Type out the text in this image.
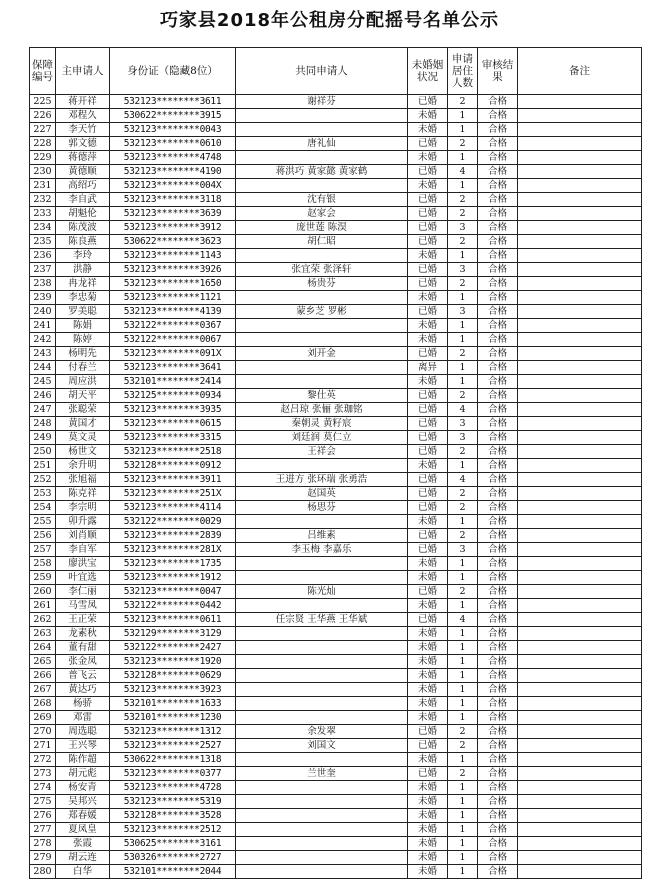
巧家县2018年公租房分配摇号名单公示
保障编号	主申请人	身份证（隐藏8位）	共同申请人	未婚姻状况	申请居住人数	审核结果	备注
225	蒋开祥	532123********3611	谢祥芬	已婚	2	合格	
226	邓程久	530622********3915		未婚	1	合格	
227	李天竹	532123********0043		未婚	1	合格	
228	郭文德	532123********0610	唐礼仙	已婚	2	合格	
229	蒋德萍	532123********4748		未婚	1	合格	
230	黄德顺	532123********4190	蒋洪巧 黄家懿 黄家鹤	已婚	4	合格	
231	高绍巧	532123********004X		未婚	1	合格	
232	李自武	532123********3118	沈有银	已婚	2	合格	
233	胡魁伦	532123********3639	赵家会	已婚	2	合格	
234	陈茂波	532123********3912	庞世莲 陈淏	已婚	3	合格	
235	陈良燕	530622********3623	胡仁昭	已婚	2	合格	
236	李玲	532123********1143		未婚	1	合格	
237	洪静	532123********3926	张宜荣 张泽轩	已婚	3	合格	
238	冉龙祥	532123********1650	杨贵芬	已婚	2	合格	
239	李忠菊	532123********1121		未婚	1	合格	
240	罗美聪	532123********4139	蒙乡芝 罗彬	已婚	3	合格	
241	陈娟	532122********0367		未婚	1	合格	
242	陈婷	532122********0067		未婚	1	合格	
243	杨明先	532123********091X	刘开金	已婚	2	合格	
244	付春兰	532123********3641		离异	1	合格	
245	周应洪	532101********2414		未婚	1	合格	
246	胡天平	532125********0934	黎仕英	已婚	2	合格	
247	张聪荣	532123********3935	赵吕琼 张俪 张珈铭	已婚	4	合格	
248	黄国才	532123********0615	秦朝灵 黄籽宸	已婚	3	合格	
249	莫文灵	532123********3315	刘廷润 莫仁立	已婚	3	合格	
250	杨世文	532123********2518	王祥会	已婚	2	合格	
251	余升明	532128********0912		未婚	1	合格	
252	张旭福	532123********3911	王进方 张环瑞 张勇浩	已婚	4	合格	
253	陈克祥	532123********251X	赵国英	已婚	2	合格	
254	李宗明	532123********4114	杨思芬	已婚	2	合格	
255	卯升露	532122********0029		未婚	1	合格	
256	刘肖顺	532123********2839	吕维素	已婚	2	合格	
257	李自军	532123********281X	李玉梅 李嘉乐	已婚	3	合格	
258	廖洪宝	532123********1735		未婚	1	合格	
259	叶宜选	532123********1912		未婚	1	合格	
260	李仁丽	532123********0047	陈光灿	已婚	2	合格	
261	马雪凤	532122********0442		未婚	1	合格	
262	王正荣	532123********0611	任宗贤 王华燕 王华斌	已婚	4	合格	
263	龙素秋	532129********3129		未婚	1	合格	
264	董有甜	532122********2427		未婚	1	合格	
265	张金凤	532123********1920		未婚	1	合格	
266	普飞云	532128********0629		未婚	1	合格	
267	黄达巧	532123********3923		未婚	1	合格	
268	杨骄	532101********1633		未婚	1	合格	
269	邓雷	532101********1230		未婚	1	合格	
270	周选聪	532123********1312	余发翠	已婚	2	合格	
271	王兴琴	532123********2527	刘国文	已婚	2	合格	
272	陈作超	530622********1318		未婚	1	合格	
273	胡元彪	532123********0377	兰世奎	已婚	2	合格	
274	杨安青	532123********4728		未婚	1	合格	
275	吴邦兴	532123********5319		未婚	1	合格	
276	郑春媛	532128********3528		未婚	1	合格	
277	夏凤皇	532123********2512		未婚	1	合格	
278	张霞	530625********3161		未婚	1	合格	
279	胡云连	530326********2727		未婚	1	合格	
280	白华	532101********2044		未婚	1	合格	
